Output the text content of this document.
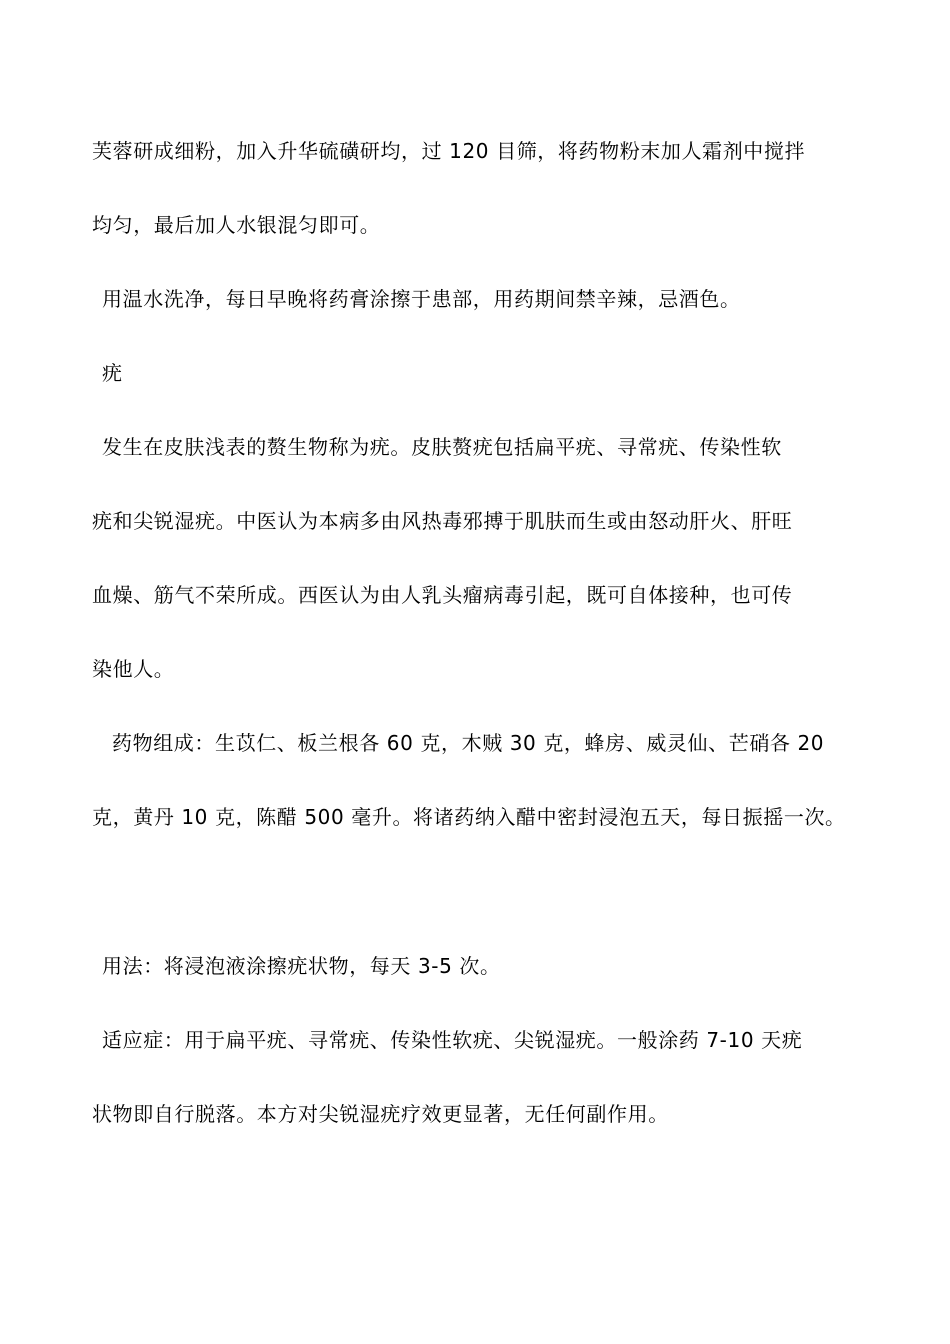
芙蓉研成细粉，加入升华硫磺研均，过 120 目筛，将药物粉末加人霜剂中搅拌
均匀，最后加人水银混匀即可。
用温水洗净，每日早晚将药膏涂擦于患部，用药期间禁辛辣，忌酒色。
疣
发生在皮肤浅表的赘生物称为疣。皮肤赘疣包括扁平疣、寻常疣、传染性软
疣和尖锐湿疣。中医认为本病多由风热毒邪搏于肌肤而生或由怒动肝火、肝旺
血燥、筋气不荣所成。西医认为由人乳头瘤病毒引起，既可自体接种，也可传
染他人。
药物组成：生苡仁、板兰根各 60 克，木贼 30 克，蜂房、威灵仙、芒硝各 20
克，黄丹 10 克，陈醋 500 毫升。将诸药纳入醋中密封浸泡五天，每日振摇一次。
用法：将浸泡液涂擦疣状物，每天 3-5 次。
适应症：用于扁平疣、寻常疣、传染性软疣、尖锐湿疣。一般涂药 7-10 天疣
状物即自行脱落。本方对尖锐湿疣疗效更显著，无任何副作用。
